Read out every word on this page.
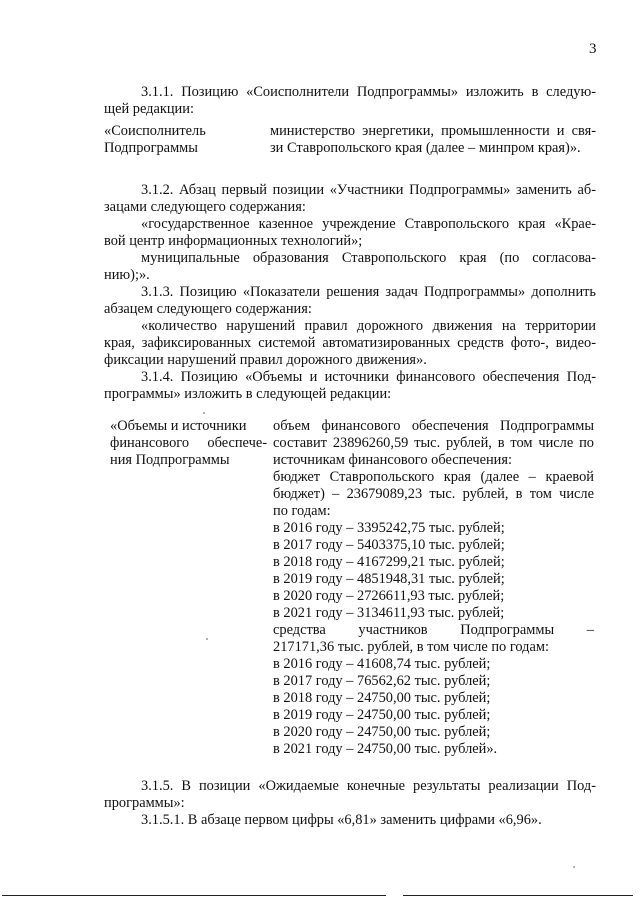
3
3.1.1. Позицию «Соисполнители Подпрограммы» изложить в следую-
щей редакции:
«Соисполнитель
Подпрограммы
министерство энергетики, промышленности и свя-
зи Ставропольского края (далее – минпром края)».
3.1.2. Абзац первый позиции «Участники Подпрограммы» заменить аб-
зацами следующего содержания:
«государственное казенное учреждение Ставропольского края «Крае-
вой центр информационных технологий»;
муниципальные образования Ставропольского края (по согласова-
нию);».
3.1.3. Позицию «Показатели решения задач Подпрограммы» дополнить
абзацем следующего содержания:
«количество нарушений правил дорожного движения на территории
края, зафиксированных системой автоматизированных средств фото-, видео-
фиксации нарушений правил дорожного движения».
3.1.4. Позицию «Объемы и источники финансового обеспечения Под-
программы» изложить в следующей редакции:
«Объемы и источники
финансового обеспече-
ния Подпрограммы
объем финансового обеспечения Подпрограммы
составит 23896260,59 тыс. рублей, в том числе по
источникам финансового обеспечения:
бюджет Ставропольского края (далее – краевой
бюджет) – 23679089,23 тыс. рублей, в том числе
по годам:
в 2016 году – 3395242,75 тыс. рублей;
в 2017 году – 5403375,10 тыс. рублей;
в 2018 году – 4167299,21 тыс. рублей;
в 2019 году – 4851948,31 тыс. рублей;
в 2020 году – 2726611,93 тыс. рублей;
в 2021 году – 3134611,93 тыс. рублей;
средства участников Подпрограммы –
217171,36 тыс. рублей, в том числе по годам:
в 2016 году – 41608,74 тыс. рублей;
в 2017 году – 76562,62 тыс. рублей;
в 2018 году – 24750,00 тыс. рублей;
в 2019 году – 24750,00 тыс. рублей;
в 2020 году – 24750,00 тыс. рублей;
в 2021 году – 24750,00 тыс. рублей».
3.1.5. В позиции «Ожидаемые конечные результаты реализации Под-
программы»:
3.1.5.1. В абзаце первом цифры «6,81» заменить цифрами «6,96».
